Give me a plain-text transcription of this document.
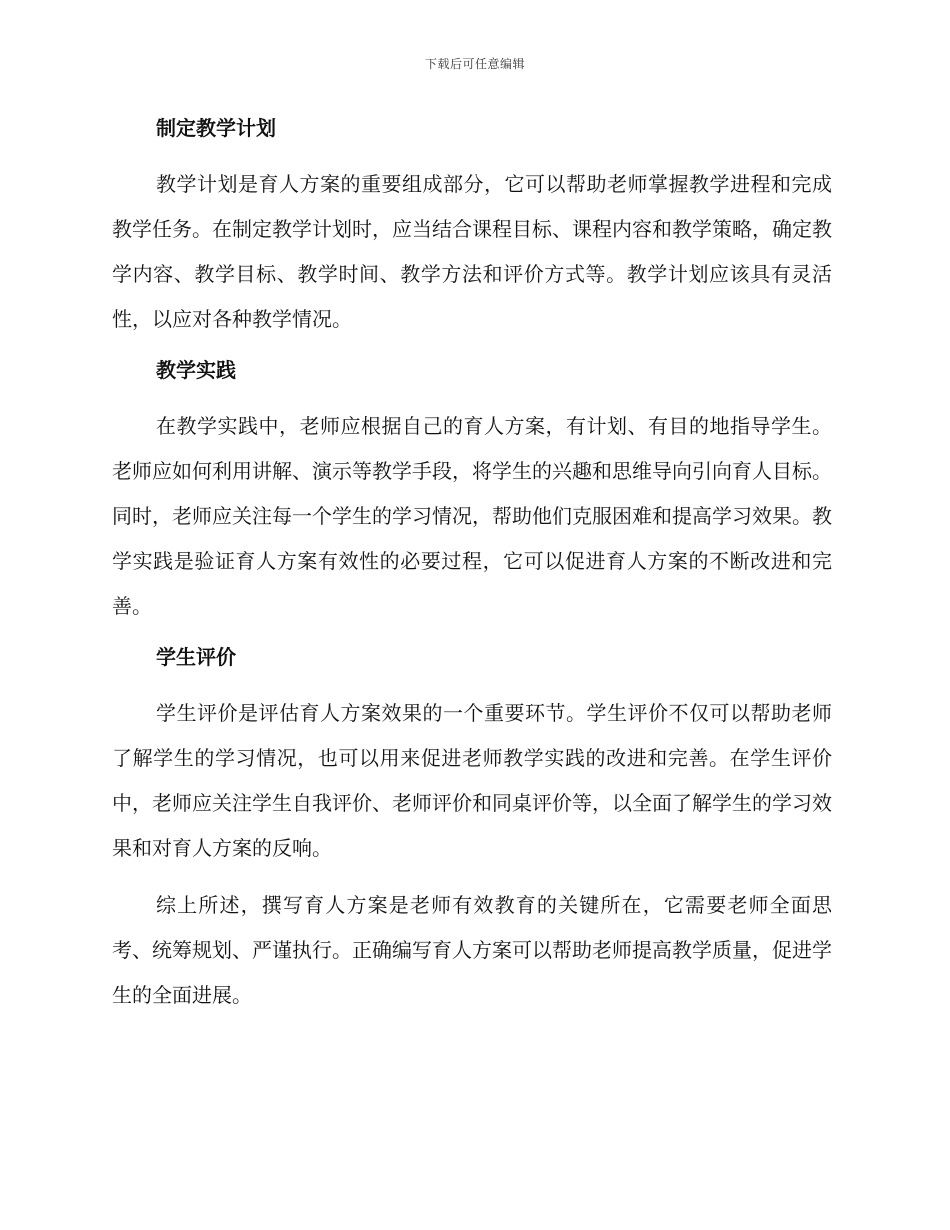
下载后可任意编辑
制定教学计划

教学计划是育人方案的重要组成部分，它可以帮助老师掌握教学进程和完成教学任务。在制定教学计划时，应当结合课程目标、课程内容和教学策略，确定教学内容、教学目标、教学时间、教学方法和评价方式等。教学计划应该具有灵活性，以应对各种教学情况。

教学实践

在教学实践中，老师应根据自己的育人方案，有计划、有目的地指导学生。老师应如何利用讲解、演示等教学手段，将学生的兴趣和思维导向引向育人目标。同时，老师应关注每一个学生的学习情况，帮助他们克服困难和提高学习效果。教学实践是验证育人方案有效性的必要过程，它可以促进育人方案的不断改进和完善。

学生评价

学生评价是评估育人方案效果的一个重要环节。学生评价不仅可以帮助老师了解学生的学习情况，也可以用来促进老师教学实践的改进和完善。在学生评价中，老师应关注学生自我评价、老师评价和同桌评价等，以全面了解学生的学习效果和对育人方案的反响。

综上所述，撰写育人方案是老师有效教育的关键所在，它需要老师全面思考、统筹规划、严谨执行。正确编写育人方案可以帮助老师提高教学质量，促进学生的全面进展。
